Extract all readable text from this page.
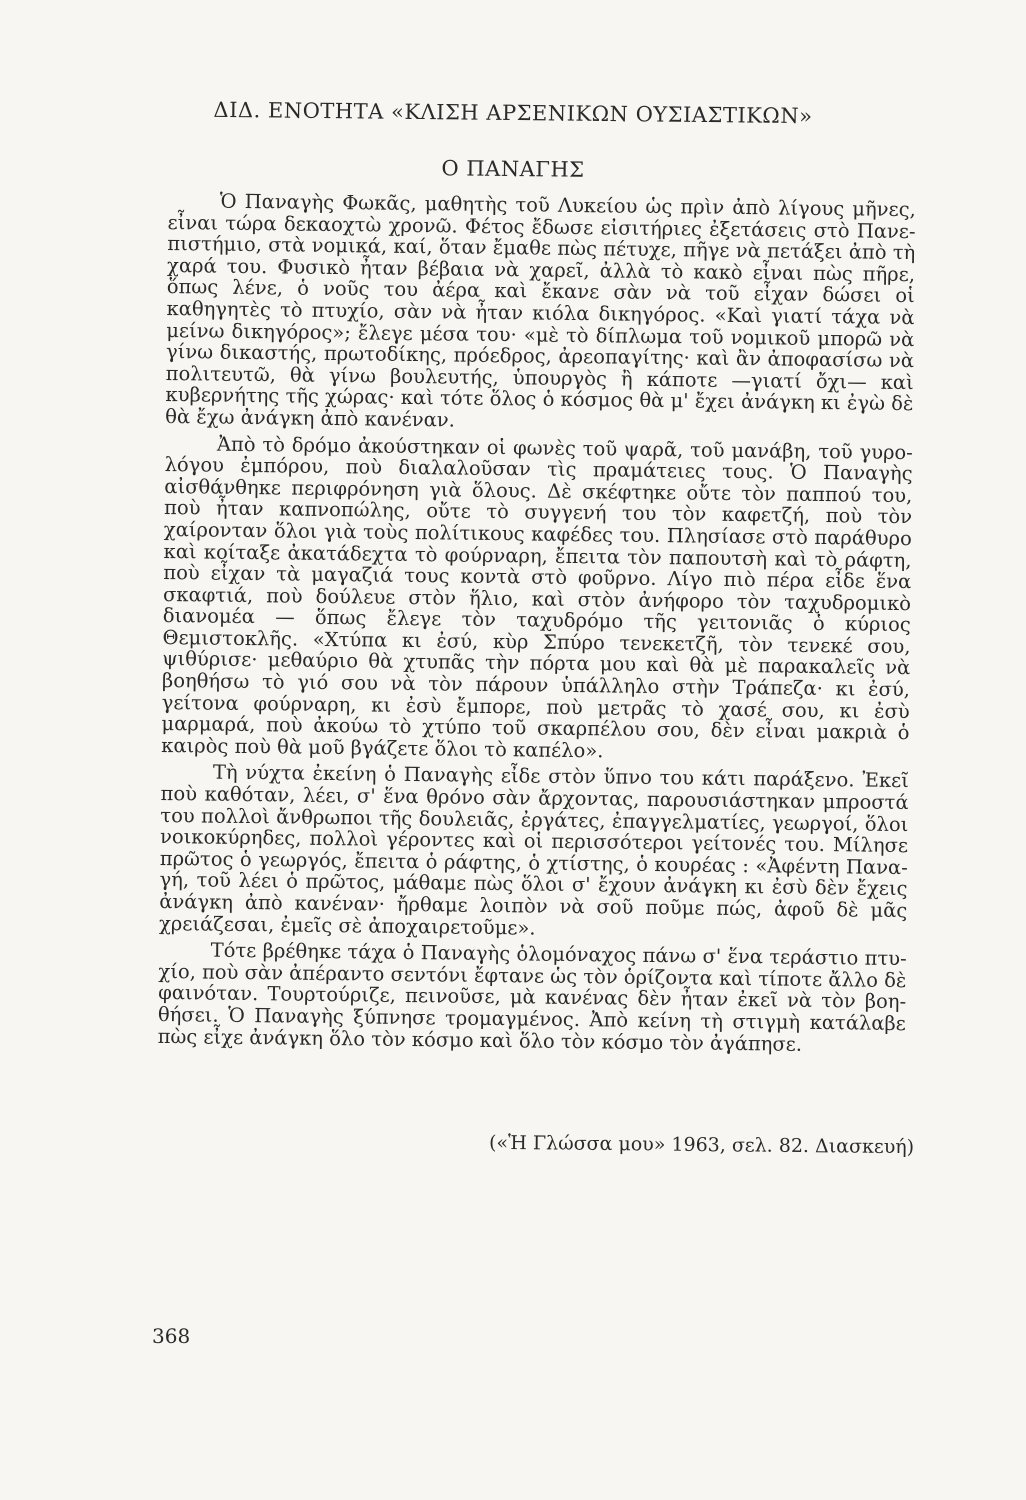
ΔΙΔ. ΕΝΟΤΗΤΑ «ΚΛΙΣΗ ΑΡΣΕΝΙΚΩΝ ΟΥΣΙΑΣΤΙΚΩΝ»
Ο ΠΑΝΑΓΗΣ

Ὁ Παναγὴς Φωκᾶς, μαθητὴς τοῦ Λυκείου ὡς πρὶν ἀπὸ λίγους μῆνες, εἶναι τώρα δεκαοχτὼ χρονῶ. Φέτος ἔδωσε εἰσιτήριες ἐξετάσεις στὸ Πανεπιστήμιο, στὰ νομικά, καί, ὅταν ἔμαθε πὼς πέτυχε, πῆγε νὰ πετάξει ἀπὸ τὴ χαρά του. Φυσικὸ ἦταν βέβαια νὰ χαρεῖ, ἀλλὰ τὸ κακὸ εἶναι πὼς πῆρε, ὅπως λένε, ὁ νοῦς του ἀέρα καὶ ἔκανε σὰν νὰ τοῦ εἶχαν δώσει οἱ καθηγητὲς τὸ πτυχίο, σὰν νὰ ἦταν κιόλα δικηγόρος. «Καὶ γιατί τάχα νὰ μείνω δικηγόρος»; ἔλεγε μέσα του· «μὲ τὸ δίπλωμα τοῦ νομικοῦ μπορῶ νὰ γίνω δικαστής, πρωτοδίκης, πρόεδρος, ἀρεοπαγίτης· καὶ ἂν ἀποφασίσω νὰ πολιτευτῶ, θὰ γίνω βουλευτής, ὑπουργὸς ἢ κάποτε —γιατί ὄχι— καὶ κυβερνήτης τῆς χώρας· καὶ τότε ὅλος ὁ κόσμος θὰ μ' ἔχει ἀνάγκη κι ἐγὼ δὲ θὰ ἔχω ἀνάγκη ἀπὸ κανέναν.

Ἀπὸ τὸ δρόμο ἀκούστηκαν οἱ φωνὲς τοῦ ψαρᾶ, τοῦ μανάβη, τοῦ γυρολόγου ἐμπόρου, ποὺ διαλαλοῦσαν τὶς πραμάτειες τους. Ὁ Παναγὴς αἰσθάνθηκε περιφρόνηση γιὰ ὅλους. Δὲ σκέφτηκε οὔτε τὸν παππού του, ποὺ ἦταν καπνοπώλης, οὔτε τὸ συγγενή του τὸν καφετζή, ποὺ τὸν χαίρονταν ὅλοι γιὰ τοὺς πολίτικους καφέδες του. Πλησίασε στὸ παράθυρο καὶ κοίταξε ἀκατάδεχτα τὸ φούρναρη, ἔπειτα τὸν παπουτσὴ καὶ τὸ ράφτη, ποὺ εἶχαν τὰ μαγαζιά τους κοντὰ στὸ φοῦρνο. Λίγο πιὸ πέρα εἶδε ἕνα σκαφτιά, ποὺ δούλευε στὸν ἥλιο, καὶ στὸν ἀνήφορο τὸν ταχυδρομικὸ διανομέα — ὅπως ἔλεγε τὸν ταχυδρόμο τῆς γειτονιᾶς ὁ κύριος Θεμιστοκλῆς. «Χτύπα κι ἐσύ, κὺρ Σπύρο τενεκετζῆ, τὸν τενεκέ σου, ψιθύρισε· μεθαύριο θὰ χτυπᾶς τὴν πόρτα μου καὶ θὰ μὲ παρακαλεῖς νὰ βοηθήσω τὸ γιό σου νὰ τὸν πάρουν ὑπάλληλο στὴν Τράπεζα· κι ἐσύ, γείτονα φούρναρη, κι ἐσὺ ἔμπορε, ποὺ μετρᾶς τὸ χασέ σου, κι ἐσὺ μαρμαρά, ποὺ ἀκούω τὸ χτύπο τοῦ σκαρπέλου σου, δὲν εἶναι μακριὰ ὁ καιρὸς ποὺ θὰ μοῦ βγάζετε ὅλοι τὸ καπέλο».

Τὴ νύχτα ἐκείνη ὁ Παναγὴς εἶδε στὸν ὕπνο του κάτι παράξενο. Ἐκεῖ ποὺ καθόταν, λέει, σ' ἕνα θρόνο σὰν ἄρχοντας, παρουσιάστηκαν μπροστά του πολλοὶ ἄνθρωποι τῆς δουλειᾶς, ἐργάτες, ἐπαγγελματίες, γεωργοί, ὅλοι νοικοκύρηδες, πολλοὶ γέροντες καὶ οἱ περισσότεροι γείτονές του. Μίλησε πρῶτος ὁ γεωργός, ἔπειτα ὁ ράφτης, ὁ χτίστης, ὁ κουρέας : «Ἀφέντη Παναγή, τοῦ λέει ὁ πρῶτος, μάθαμε πὼς ὅλοι σ' ἔχουν ἀνάγκη κι ἐσὺ δὲν ἔχεις ἀνάγκη ἀπὸ κανέναν· ἤρθαμε λοιπὸν νὰ σοῦ ποῦμε πώς, ἀφοῦ δὲ μᾶς χρειάζεσαι, ἐμεῖς σὲ ἀποχαιρετοῦμε».

Τότε βρέθηκε τάχα ὁ Παναγὴς ὁλομόναχος πάνω σ' ἕνα τεράστιο πτυχίο, ποὺ σὰν ἀπέραντο σεντόνι ἔφτανε ὡς τὸν ὁρίζοντα καὶ τίποτε ἄλλο δὲ φαινόταν. Τουρτούριζε, πεινοῦσε, μὰ κανένας δὲν ἦταν ἐκεῖ νὰ τὸν βοηθήσει. Ὁ Παναγὴς ξύπνησε τρομαγμένος. Ἀπὸ κείνη τὴ στιγμὴ κατάλαβε πὼς εἶχε ἀνάγκη ὅλο τὸν κόσμο καὶ ὅλο τὸν κόσμο τὸν ἀγάπησε.

(«Ἡ Γλώσσα μου» 1963, σελ. 82. Διασκευή)
368
